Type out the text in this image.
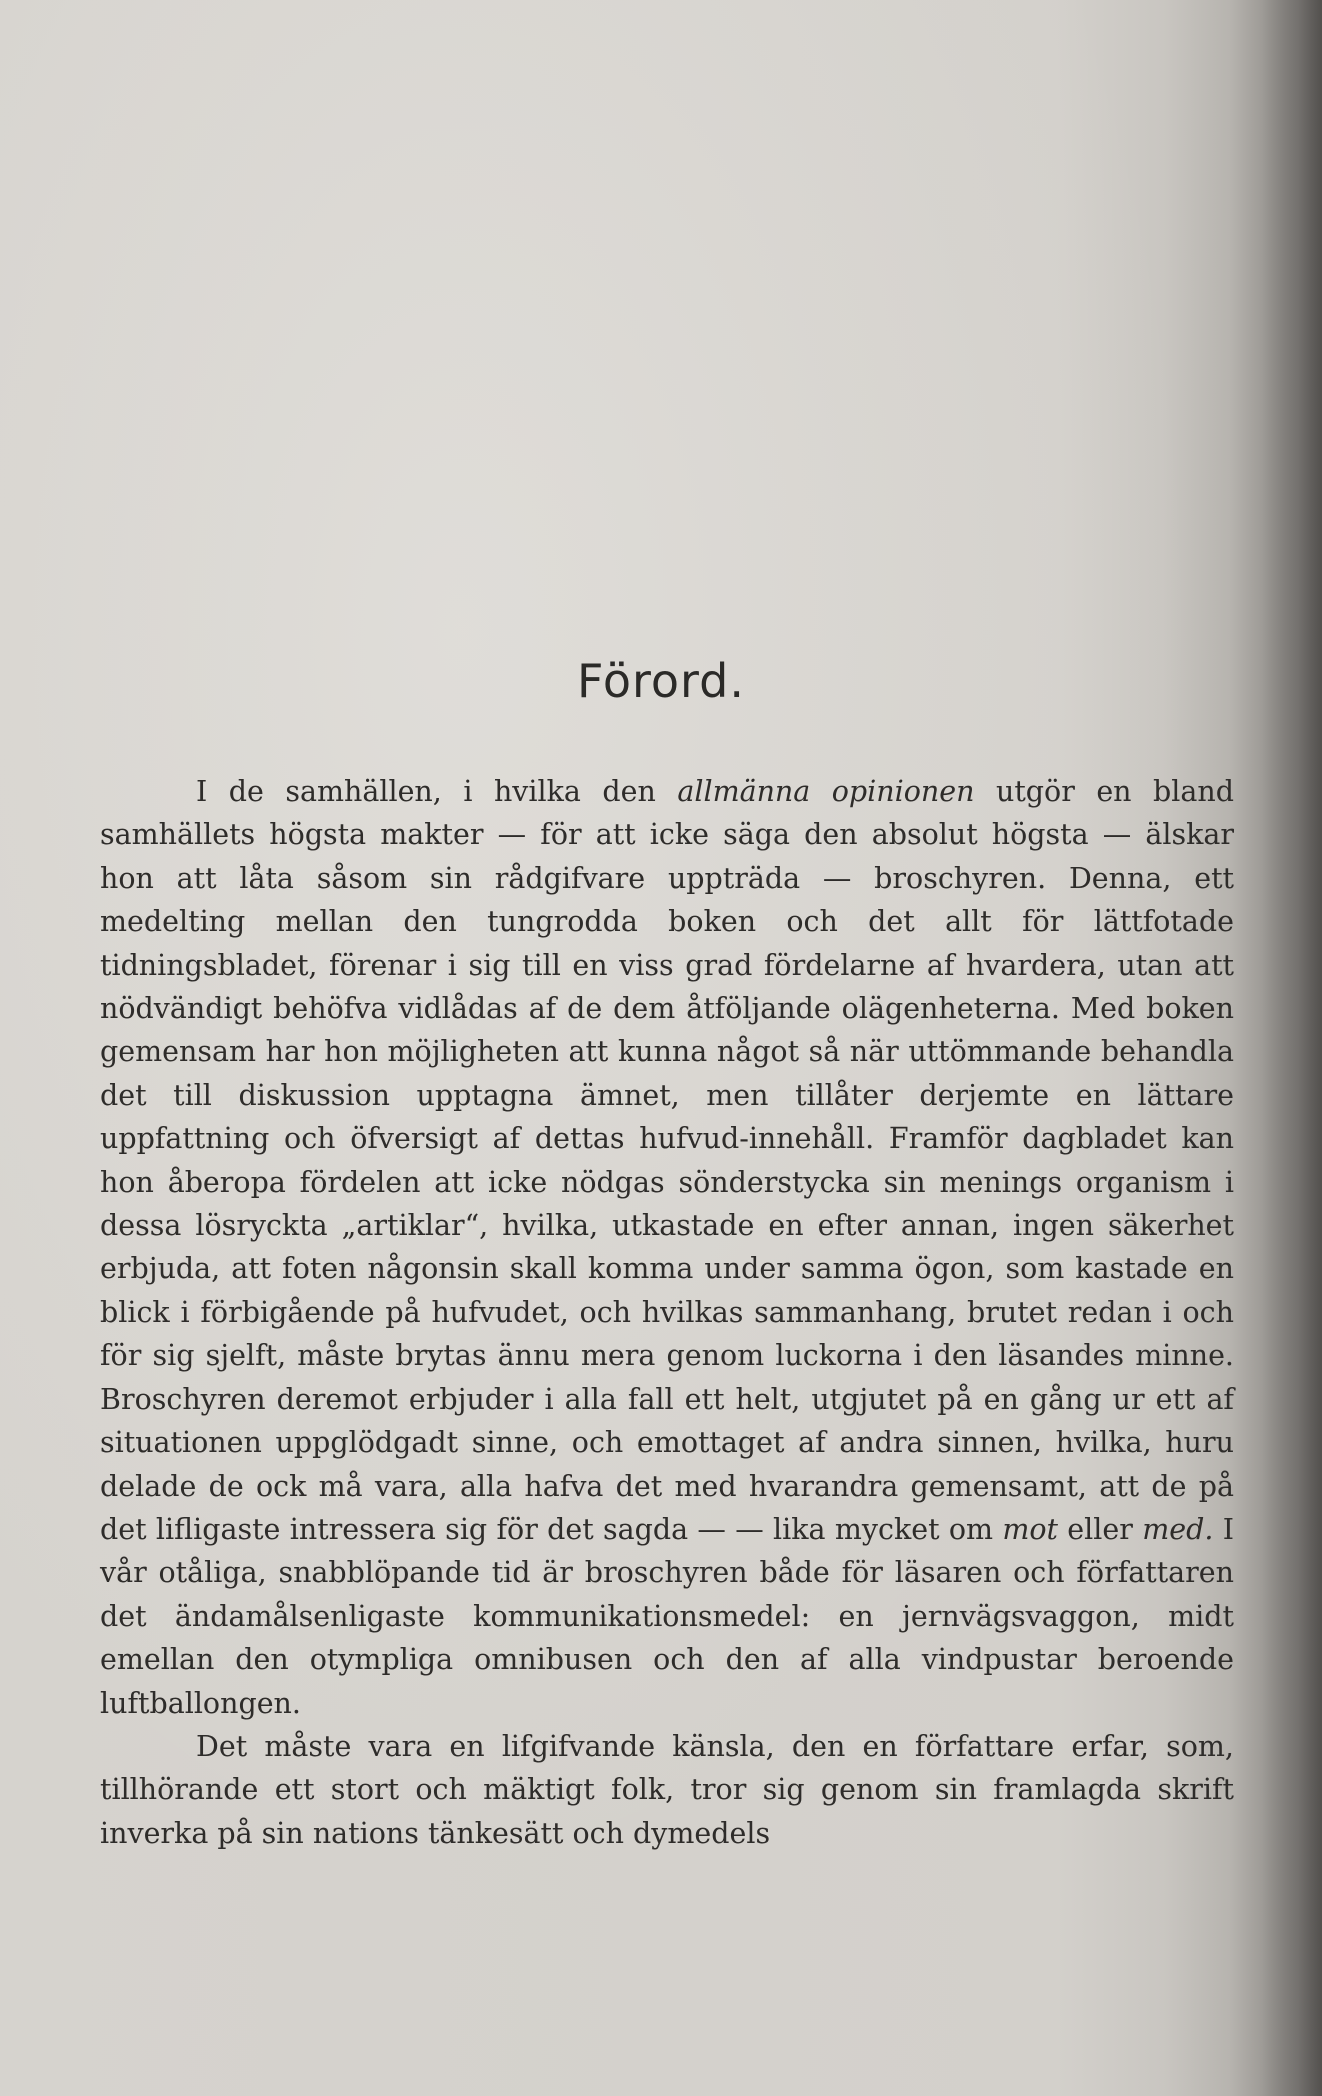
Förord.

I de samhällen, i hvilka den allmänna opinionen utgör en bland samhällets högsta makter — för att icke säga den absolut högsta — älskar hon att låta såsom sin rådgifvare uppträda — broschyren. Denna, ett medelting mellan den tungrodda boken och det allt för lättfotade tidningsbladet, förenar i sig till en viss grad fördelarne af hvardera, utan att nödvändigt behöfva vidlådas af de dem åtföljande olägenheterna. Med boken gemensam har hon möjligheten att kunna något så när uttömmande behandla det till diskussion upptagna ämnet, men tillåter derjemte en lättare uppfattning och öfversigt af dettas hufvud-innehåll. Framför dagbladet kan hon åberopa fördelen att icke nödgas sönderstycka sin menings organism i dessa lösryckta „artiklar“, hvilka, utkastade en efter annan, ingen säkerhet erbjuda, att foten någonsin skall komma under samma ögon, som kastade en blick i förbigående på hufvudet, och hvilkas sammanhang, brutet redan i och för sig sjelft, måste brytas ännu mera genom luckorna i den läsandes minne. Broschyren deremot erbjuder i alla fall ett helt, utgjutet på en gång ur ett af situationen uppglödgadt sinne, och emottaget af andra sinnen, hvilka, huru delade de ock må vara, alla hafva det med hvarandra gemensamt, att de på det lifligaste intressera sig för det sagda — — lika mycket om mot eller med. I vår otåliga, snabblöpande tid är broschyren både för läsaren och författaren det ändamålsenligaste kommunikationsmedel: en jernvägsvaggon, midt emellan den otympliga omnibusen och den af alla vindpustar beroende luftballongen.

Det måste vara en lifgifvande känsla, den en författare erfar, som, tillhörande ett stort och mäktigt folk, tror sig genom sin framlagda skrift inverka på sin nations tänkesätt och dymedels
